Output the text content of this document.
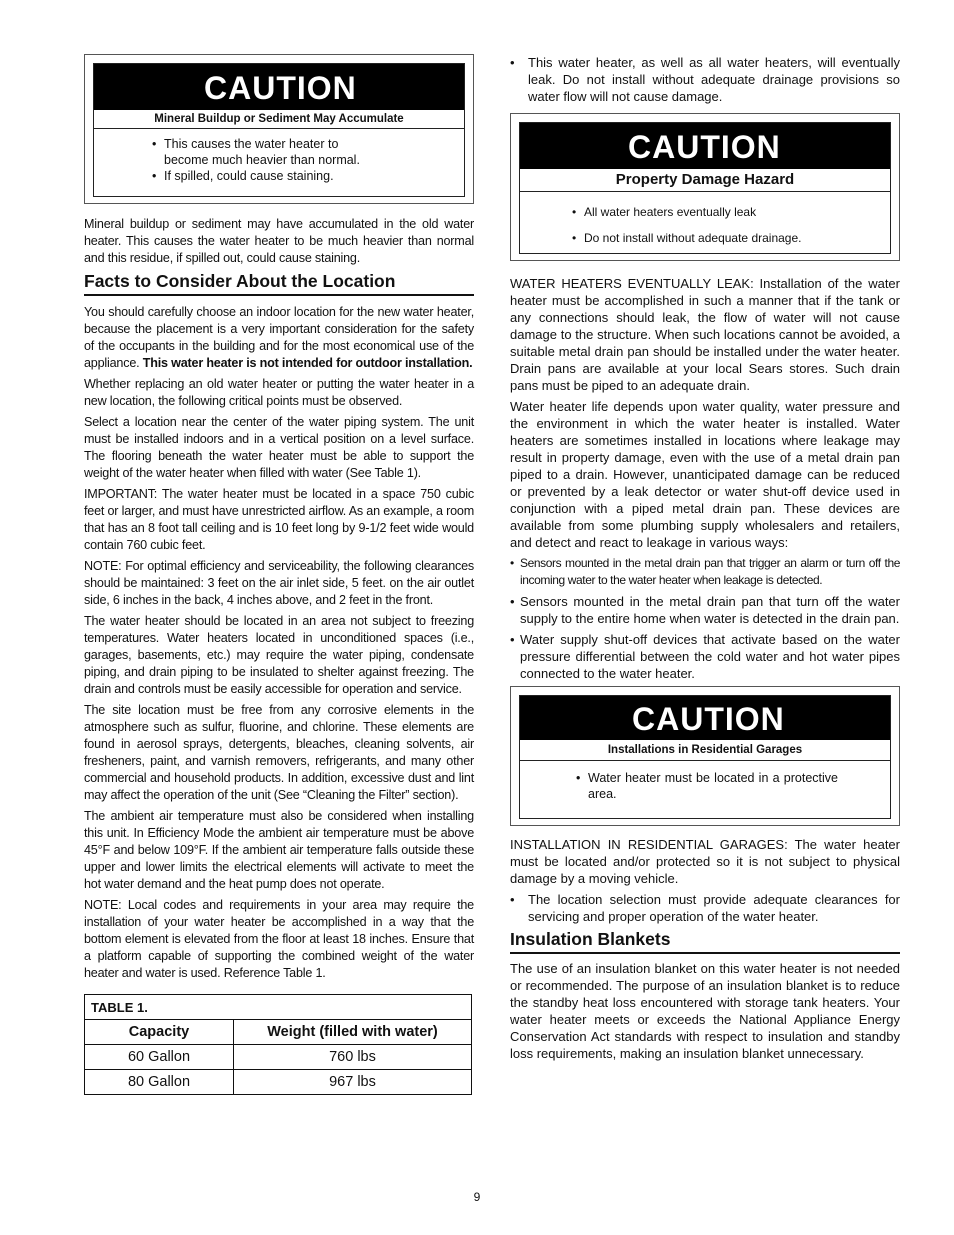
CAUTION
Mineral Buildup or Sediment May Accumulate
• This causes the water heater to become much heavier than normal.
• If spilled, could cause staining.

Mineral buildup or sediment may have accumulated in the old water heater. This causes the water heater to be much heavier than normal and this residue, if spilled out, could cause staining.

Facts to Consider About the Location

You should carefully choose an indoor location for the new water heater, because the placement is a very important consideration for the safety of the occupants in the building and for the most economical use of the appliance. This water heater is not intended for outdoor installation.

Whether replacing an old water heater or putting the water heater in a new location, the following critical points must be observed.

Select a location near the center of the water piping system. The unit must be installed indoors and in a vertical position on a level surface. The flooring beneath the water heater must be able to support the weight of the water heater when filled with water (See Table 1).

IMPORTANT: The water heater must be located in a space 750 cubic feet or larger, and must have unrestricted airflow. As an example, a room that has an 8 foot tall ceiling and is 10 feet long by 9-1/2 feet wide would contain 760 cubic feet.

NOTE: For optimal efficiency and serviceability, the following clearances should be maintained: 3 feet on the air inlet side, 5 feet. on the air outlet side, 6 inches in the back, 4 inches above, and 2 feet in the front.

The water heater should be located in an area not subject to freezing temperatures. Water heaters located in unconditioned spaces (i.e., garages, basements, etc.) may require the water piping, condensate piping, and drain piping to be insulated to shelter against freezing. The drain and controls must be easily accessible for operation and service.

The site location must be free from any corrosive elements in the atmosphere such as sulfur, fluorine, and chlorine. These elements are found in aerosol sprays, detergents, bleaches, cleaning solvents, air fresheners, paint, and varnish removers, refrigerants, and many other commercial and household products. In addition, excessive dust and lint may affect the operation of the unit (See “Cleaning the Filter” section).

The ambient air temperature must also be considered when installing this unit. In Efficiency Mode the ambient air temperature must be above 45°F and below 109°F. If the ambient air temperature falls outside these upper and lower limits the electrical elements will activate to meet the hot water demand and the heat pump does not operate.

NOTE: Local codes and requirements in your area may require the installation of your water heater be accomplished in a way that the bottom element is elevated from the floor at least 18 inches. Ensure that a platform capable of supporting the combined weight of the water heater and water is used. Reference Table 1.

TABLE 1.	
Capacity	Weight (filled with water)
60 Gallon	760 lbs
80 Gallon	967 lbs
• This water heater, as well as all water heaters, will eventually leak. Do not install without adequate drainage provisions so water flow will not cause damage.
CAUTION
Property Damage Hazard
• All water heaters eventually leak
• Do not install without adequate drainage.

WATER HEATERS EVENTUALLY LEAK: Installation of the water heater must be accomplished in such a manner that if the tank or any connections should leak, the flow of water will not cause damage to the structure. When such locations cannot be avoided, a suitable metal drain pan should be installed under the water heater. Drain pans are available at your local Sears stores. Such drain pans must be piped to an adequate drain.

Water heater life depends upon water quality, water pressure and the environment in which the water heater is installed. Water heaters are sometimes installed in locations where leakage may result in property damage, even with the use of a metal drain pan piped to a drain. However, unanticipated damage can be reduced or prevented by a leak detector or water shut-off device used in conjunction with a piped metal drain pan. These devices are available from some plumbing supply wholesalers and retailers, and detect and react to leakage in various ways:

• Sensors mounted in the metal drain pan that trigger an alarm or turn off the incoming water to the water heater when leakage is detected.
• Sensors mounted in the metal drain pan that turn off the water supply to the entire home when water is detected in the drain pan.
• Water supply shut-off devices that activate based on the water pressure differential between the cold water and hot water pipes connected to the water heater.
CAUTION
Installations in Residential Garages
• Water heater must be located in a protective area.

INSTALLATION IN RESIDENTIAL GARAGES: The water heater must be located and/or protected so it is not subject to physical damage by a moving vehicle.

• The location selection must provide adequate clearances for servicing and proper operation of the water heater.
Insulation Blankets

The use of an insulation blanket on this water heater is not needed or recommended. The purpose of an insulation blanket is to reduce the standby heat loss encountered with storage tank heaters. Your water heater meets or exceeds the National Appliance Energy Conservation Act standards with respect to insulation and standby loss requirements, making an insulation blanket unnecessary.

9
